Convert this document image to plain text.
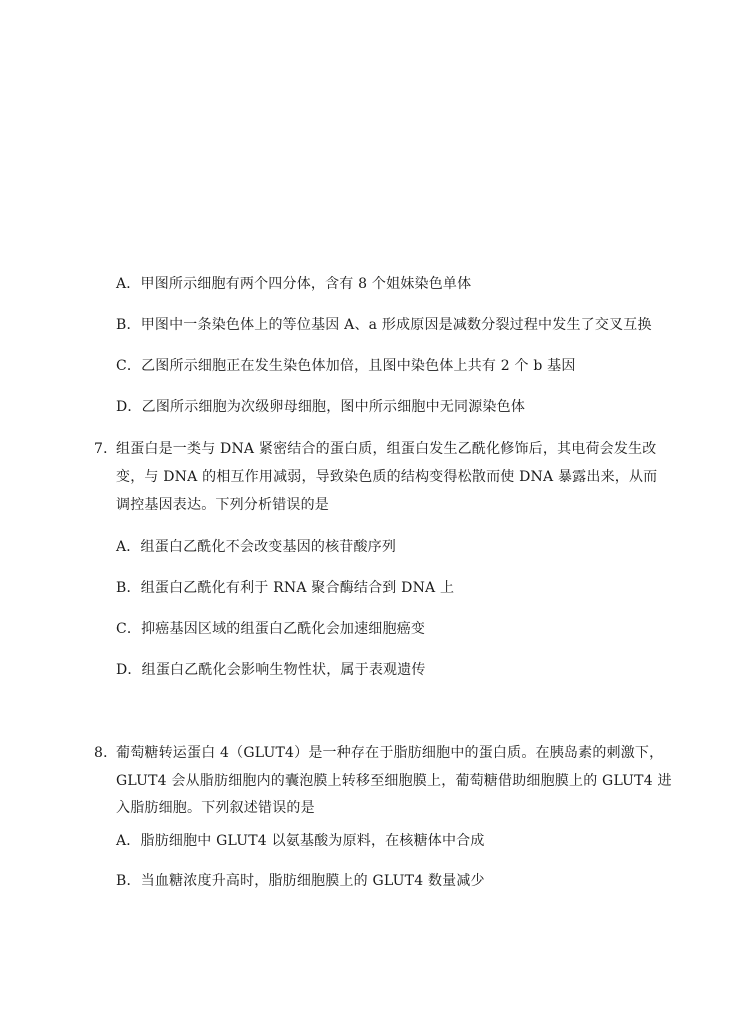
A．甲图所示细胞有两个四分体，含有 8 个姐妹染色单体
B．甲图中一条染色体上的等位基因 A、a 形成原因是减数分裂过程中发生了交叉互换
C．乙图所示细胞正在发生染色体加倍，且图中染色体上共有 2 个 b 基因
D．乙图所示细胞为次级卵母细胞，图中所示细胞中无同源染色体
7．
组蛋白是一类与 DNA 紧密结合的蛋白质，组蛋白发生乙酰化修饰后，其电荷会发生改
变，与 DNA 的相互作用减弱，导致染色质的结构变得松散而使 DNA 暴露出来，从而
调控基因表达。下列分析错误的是
A．组蛋白乙酰化不会改变基因的核苷酸序列
B．组蛋白乙酰化有利于 RNA 聚合酶结合到 DNA 上
C．抑癌基因区域的组蛋白乙酰化会加速细胞癌变
D．组蛋白乙酰化会影响生物性状，属于表观遗传
8．
葡萄糖转运蛋白 4（GLUT4）是一种存在于脂肪细胞中的蛋白质。在胰岛素的刺激下，
GLUT4 会从脂肪细胞内的囊泡膜上转移至细胞膜上，葡萄糖借助细胞膜上的 GLUT4 进
入脂肪细胞。下列叙述错误的是
A．脂肪细胞中 GLUT4 以氨基酸为原料，在核糖体中合成
B．当血糖浓度升高时，脂肪细胞膜上的 GLUT4 数量减少
